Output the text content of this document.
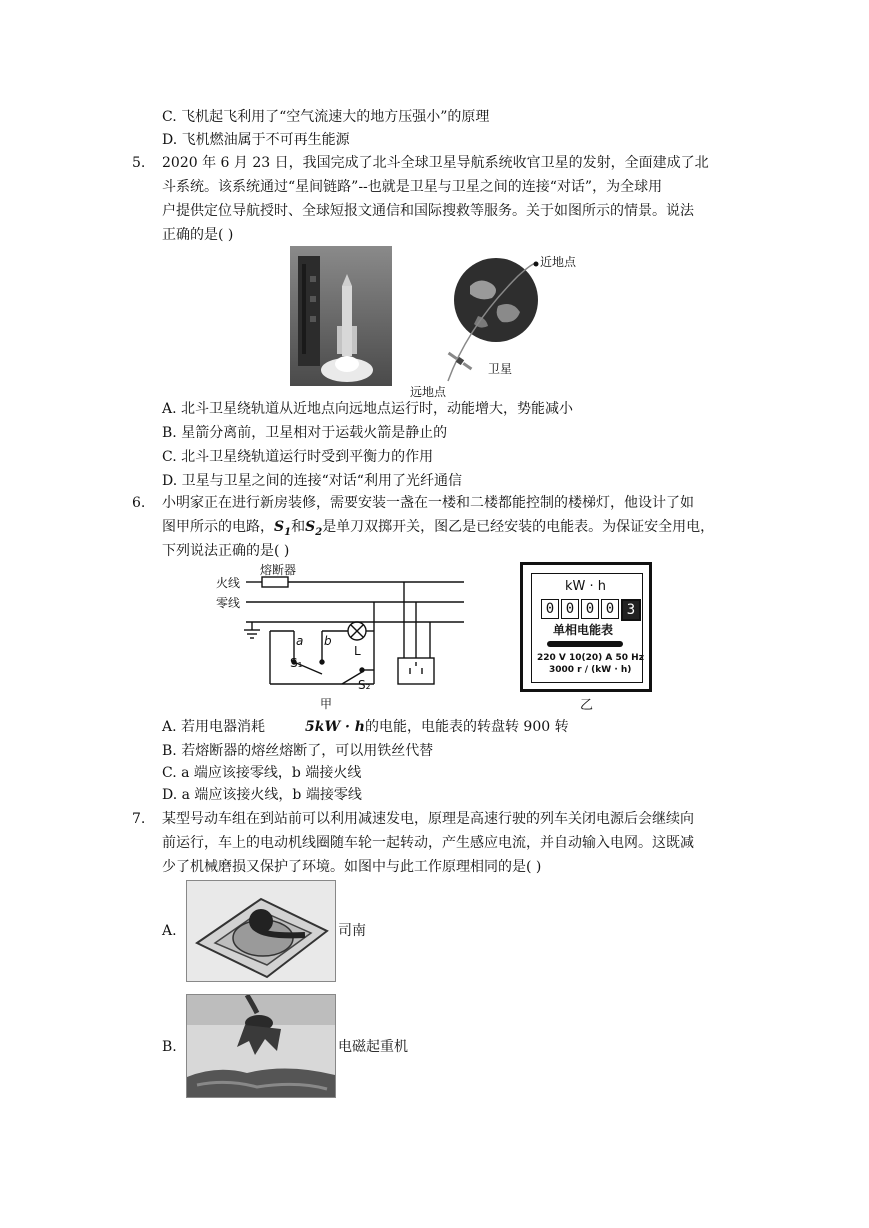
C. 飞机起飞利用了“空气流速大的地方压强小”的原理
D. 飞机燃油属于不可再生能源
5. 2020 年 6 月 23 日，我国完成了北斗全球卫星导航系统收官卫星的发射，全面建成了北
斗系统。该系统通过“星间链路”--也就是卫星与卫星之间的连接“对话”，为全球用
户提供定位导航授时、全球短报文通信和国际搜救等服务。关于如图所示的情景。说法
正确的是( )
近地点
卫星
远地点
A. 北斗卫星绕轨道从近地点向远地点运行时，动能增大，势能减小
B. 星箭分离前，卫星相对于运载火箭是静止的
C. 北斗卫星绕轨道运行时受到平衡力的作用
D. 卫星与卫星之间的连接“对话“利用了光纤通信
6. 小明家正在进行新房装修，需要安装一盏在一楼和二楼都能控制的楼梯灯，他设计了如
图甲所示的电路，$S_1$和$S_2$是单刀双掷开关，图乙是已经安装的电能表。为保证安全用电，
下列说法正确的是( )
熔断器
火线
零线
a b
L
S₁
S₂
甲
kW · h
0 0 0 0 3
单相电能表
220 V 10(20) A 50 Hz
3000 r / (kW · h)
乙
A. 若用电器消耗	5kW · h的电能，电能表的转盘转 900 转
B. 若熔断器的熔丝熔断了，可以用铁丝代替
C. a 端应该接零线，b 端接火线
D. a 端应该接火线，b 端接零线
7. 某型号动车组在到站前可以利用减速发电，原理是高速行驶的列车关闭电源后会继续向
前运行，车上的电动机线圈随车轮一起转动，产生感应电流，并自动输入电网。这既减
少了机械磨损又保护了环境。如图中与此工作原理相同的是( )
A.	司南
B.	电磁起重机
